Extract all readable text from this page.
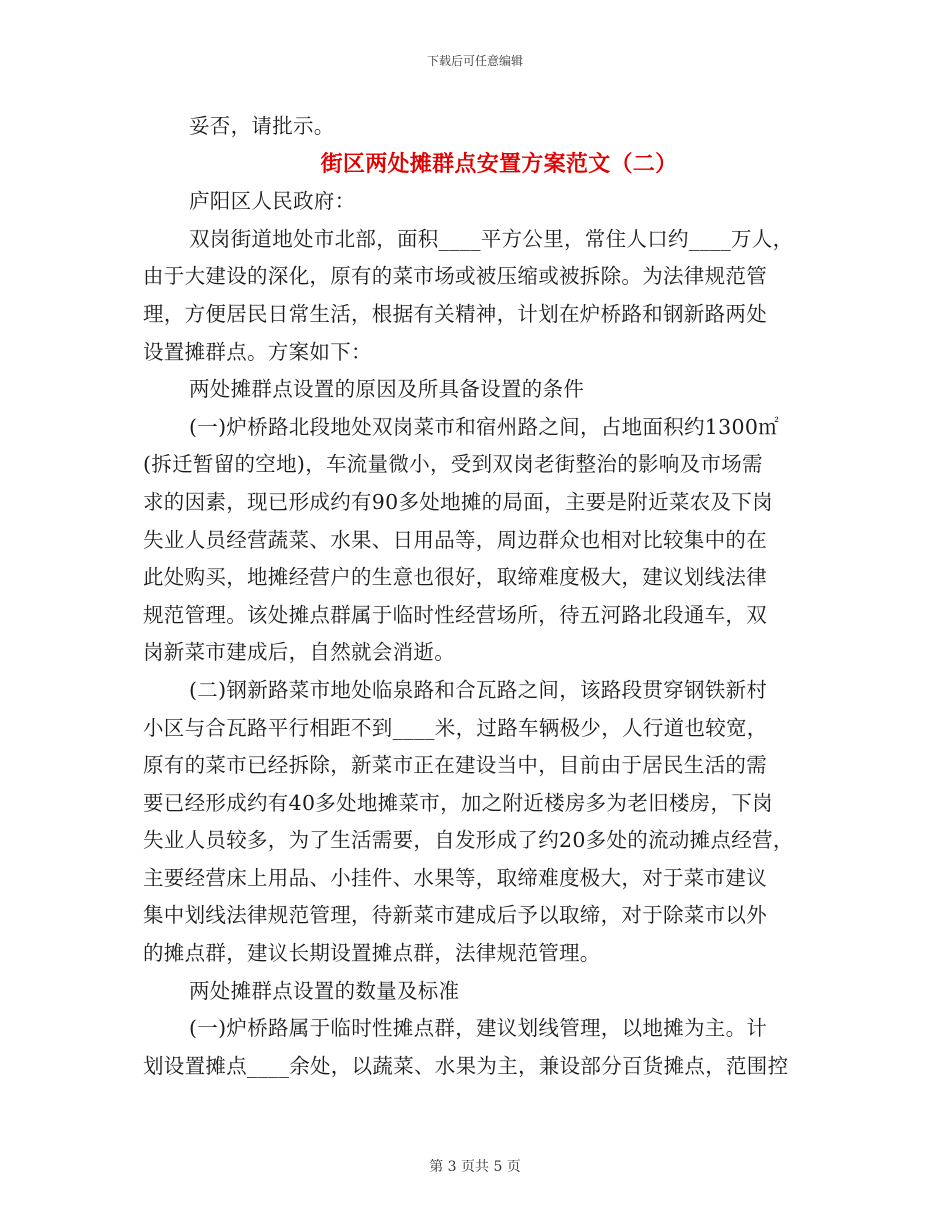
下载后可任意编辑
妥否，请批示。
街区两处摊群点安置方案范文（二）
庐阳区人民政府：
双岗街道地处市北部，面积____平方公里，常住人口约____万人，
由于大建设的深化，原有的菜市场或被压缩或被拆除。为法律规范管
理，方便居民日常生活，根据有关精神，计划在炉桥路和钢新路两处
设置摊群点。方案如下：
两处摊群点设置的原因及所具备设置的条件
(一)炉桥路北段地处双岗菜市和宿州路之间，占地面积约1300㎡
(拆迁暂留的空地)，车流量微小，受到双岗老街整治的影响及市场需
求的因素，现已形成约有90多处地摊的局面，主要是附近菜农及下岗
失业人员经营蔬菜、水果、日用品等，周边群众也相对比较集中的在
此处购买，地摊经营户的生意也很好，取缔难度极大，建议划线法律
规范管理。该处摊点群属于临时性经营场所，待五河路北段通车，双
岗新菜市建成后，自然就会消逝。
(二)钢新路菜市地处临泉路和合瓦路之间，该路段贯穿钢铁新村
小区与合瓦路平行相距不到____米，过路车辆极少，人行道也较宽，
原有的菜市已经拆除，新菜市正在建设当中，目前由于居民生活的需
要已经形成约有40多处地摊菜市，加之附近楼房多为老旧楼房，下岗
失业人员较多，为了生活需要，自发形成了约20多处的流动摊点经营，
主要经营床上用品、小挂件、水果等，取缔难度极大，对于菜市建议
集中划线法律规范管理，待新菜市建成后予以取缔，对于除菜市以外
的摊点群，建议长期设置摊点群，法律规范管理。
两处摊群点设置的数量及标准
(一)炉桥路属于临时性摊点群，建议划线管理，以地摊为主。计
划设置摊点____余处，以蔬菜、水果为主，兼设部分百货摊点，范围控
第 3 页共 5 页
